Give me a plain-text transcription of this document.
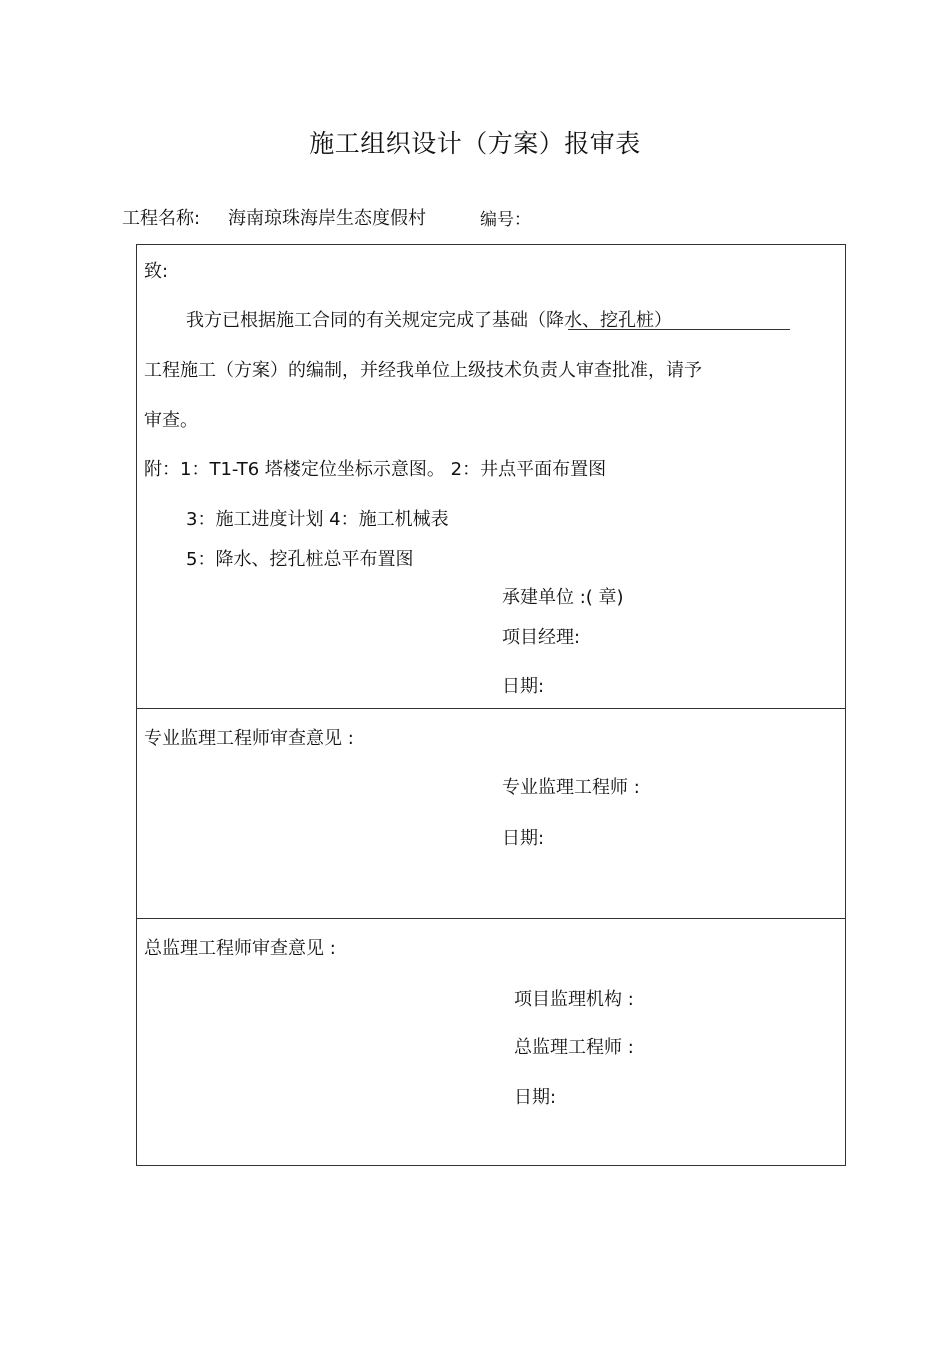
施工组织设计（方案）报审表
工程名称: 海南琼珠海岸生态度假村	编号：
致:
我方已根据施工合同的有关规定完成了基础（降水、挖孔桩）
工程施工（方案）的编制，并经我单位上级技术负责人审查批准，请予
审查。
附：1：T1-T6 塔楼定位坐标示意图。 2：井点平面布置图
3：施工进度计划 4：施工机械表
5：降水、挖孔桩总平布置图
承建单位 :( 章)
项目经理:
日期:
专业监理工程师审查意见 :
专业监理工程师 :
日期:
总监理工程师审查意见 :
项目监理机构 :
总监理工程师 :
日期:
